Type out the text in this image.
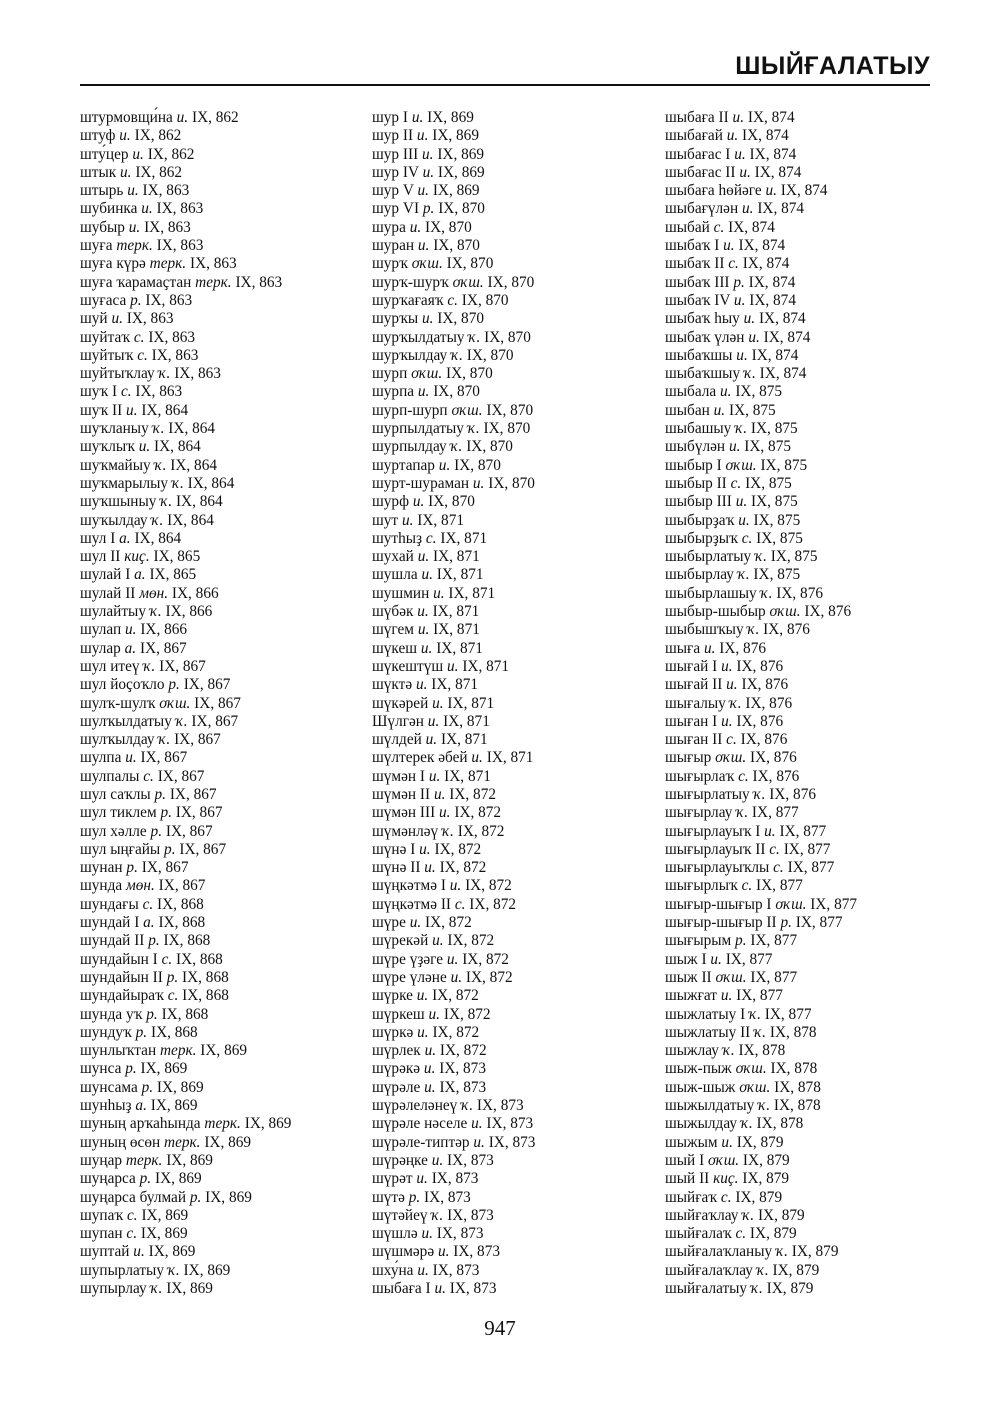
ШЫЙҒАЛАТЫУ
штурмовщи́на и. IX, 862
штуф и. IX, 862
шту́цер и. IX, 862
штык и. IX, 862
штырь и. IX, 863
шубинка и. IX, 863
шубыр и. IX, 863
шуға терк. IX, 863
шуға күрә терк. IX, 863
шуға ҡарамаҫтан терк. IX, 863
шуғаса р. IX, 863
шуй и. IX, 863
шуйтаҡ с. IX, 863
шуйтыҡ с. IX, 863
шуйтыҡлау ҡ. IX, 863
шуҡ I с. IX, 863
шуҡ II и. IX, 864
шуҡланыу ҡ. IX, 864
шуҡлыҡ и. IX, 864
шуҡмайыу ҡ. IX, 864
шуҡмарылыу ҡ. IX, 864
шуҡшыныу ҡ. IX, 864
шуҡылдау ҡ. IX, 864
шул I а. IX, 864
шул II киҫ. IX, 865
шулай I а. IX, 865
шулай II мөн. IX, 866
шулайтыу ҡ. IX, 866
шулап и. IX, 866
шулар а. IX, 867
шул итеү ҡ. IX, 867
шул йоҫоҡло р. IX, 867
шулҡ-шулҡ оҡш. IX, 867
шулҡылдатыу ҡ. IX, 867
шулҡылдау ҡ. IX, 867
шулпа и. IX, 867
шулпалы с. IX, 867
шул саҡлы р. IX, 867
шул тиклем р. IX, 867
шул хәлле р. IX, 867
шул ыңғайы р. IX, 867
шунан р. IX, 867
шунда мөн. IX, 867
шундағы с. IX, 868
шундай I а. IX, 868
шундай II р. IX, 868
шундайын I с. IX, 868
шундайын II р. IX, 868
шундайыраҡ с. IX, 868
шунда уҡ р. IX, 868
шундуҡ р. IX, 868
шунлыҡтан терк. IX, 869
шунса р. IX, 869
шунсама р. IX, 869
шунһыҙ а. IX, 869
шуның арҡаһында терк. IX, 869
шуның өсөн терк. IX, 869
шуңар терк. IX, 869
шуңарса р. IX, 869
шуңарса булмай р. IX, 869
шупаҡ с. IX, 869
шупан с. IX, 869
шуптай и. IX, 869
шупырлатыу ҡ. IX, 869
шупырлау ҡ. IX, 869
шур I и. IX, 869
шур II и. IX, 869
шур III и. IX, 869
шур IV и. IX, 869
шур V и. IX, 869
шур VI р. IX, 870
шура и. IX, 870
шуран и. IX, 870
шурҡ оҡш. IX, 870
шурҡ-шурҡ оҡш. IX, 870
шурҡағаяҡ с. IX, 870
шурҡы и. IX, 870
шурҡылдатыу ҡ. IX, 870
шурҡылдау ҡ. IX, 870
шурп оҡш. IX, 870
шурпа и. IX, 870
шурп-шурп оҡш. IX, 870
шурпылдатыу ҡ. IX, 870
шурпылдау ҡ. IX, 870
шуртапар и. IX, 870
шурт-шураман и. IX, 870
шурф и. IX, 870
шут и. IX, 871
шутһыҙ с. IX, 871
шухай и. IX, 871
шушла и. IX, 871
шушмин и. IX, 871
шүбәк и. IX, 871
шүгем и. IX, 871
шүкеш и. IX, 871
шүкештүш и. IX, 871
шүктә и. IX, 871
шүкәрей и. IX, 871
Шүлгән и. IX, 871
шүлдей и. IX, 871
шүлтерек әбей и. IX, 871
шүмән I и. IX, 871
шүмән II и. IX, 872
шүмән III и. IX, 872
шүмәнләү ҡ. IX, 872
шүнә I и. IX, 872
шүнә II и. IX, 872
шүңкәтмә I и. IX, 872
шүңкәтмә II с. IX, 872
шүре и. IX, 872
шүрекәй и. IX, 872
шүре үҙәге и. IX, 872
шүре үләне и. IX, 872
шүрке и. IX, 872
шүркеш и. IX, 872
шүркә и. IX, 872
шүрлек и. IX, 872
шүрәкә и. IX, 873
шүрәле и. IX, 873
шүрәлеләнеү ҡ. IX, 873
шүрәле нәселе и. IX, 873
шүрәле-типтәр и. IX, 873
шүрәңке и. IX, 873
шүрәт и. IX, 873
шүтә р. IX, 873
шүтәйеү ҡ. IX, 873
шүшлә и. IX, 873
шүшмәрә и. IX, 873
шху́на и. IX, 873
шыбаға I и. IX, 873
шыбаға II и. IX, 874
шыбағай и. IX, 874
шыбағас I и. IX, 874
шыбағас II и. IX, 874
шыбаға һөйәге и. IX, 874
шыбағүлән и. IX, 874
шыбай с. IX, 874
шыбаҡ I и. IX, 874
шыбаҡ II с. IX, 874
шыбаҡ III р. IX, 874
шыбаҡ IV и. IX, 874
шыбаҡ һыу и. IX, 874
шыбаҡ үлән и. IX, 874
шыбаҡшы и. IX, 874
шыбаҡшыу ҡ. IX, 874
шыбала и. IX, 875
шыбан и. IX, 875
шыбашыу ҡ. IX, 875
шыбүлән и. IX, 875
шыбыр I оҡш. IX, 875
шыбыр II с. IX, 875
шыбыр III и. IX, 875
шыбырҙаҡ и. IX, 875
шыбырҙыҡ с. IX, 875
шыбырлатыу ҡ. IX, 875
шыбырлау ҡ. IX, 875
шыбырлашыу ҡ. IX, 876
шыбыр-шыбыр оҡш. IX, 876
шыбышҡыу ҡ. IX, 876
шыға и. IX, 876
шығай I и. IX, 876
шығай II и. IX, 876
шығалыу ҡ. IX, 876
шыған I и. IX, 876
шыған II с. IX, 876
шығыр оҡш. IX, 876
шығырлаҡ с. IX, 876
шығырлатыу ҡ. IX, 876
шығырлау ҡ. IX, 877
шығырлауыҡ I и. IX, 877
шығырлауыҡ II с. IX, 877
шығырлауыҡлы с. IX, 877
шығырлыҡ с. IX, 877
шығыр-шығыр I оҡш. IX, 877
шығыр-шығыр II р. IX, 877
шығырым р. IX, 877
шыж I и. IX, 877
шыж II оҡш. IX, 877
шыжғат и. IX, 877
шыжлатыу I ҡ. IX, 877
шыжлатыу II ҡ. IX, 878
шыжлау ҡ. IX, 878
шыж-пыж оҡш. IX, 878
шыж-шыж оҡш. IX, 878
шыжылдатыу ҡ. IX, 878
шыжылдау ҡ. IX, 878
шыжым и. IX, 879
шый I оҡш. IX, 879
шый II киҫ. IX, 879
шыйғаҡ с. IX, 879
шыйғаҡлау ҡ. IX, 879
шыйғалаҡ с. IX, 879
шыйғалаҡланыу ҡ. IX, 879
шыйғалаҡлау ҡ. IX, 879
шыйғалатыу ҡ. IX, 879
947
